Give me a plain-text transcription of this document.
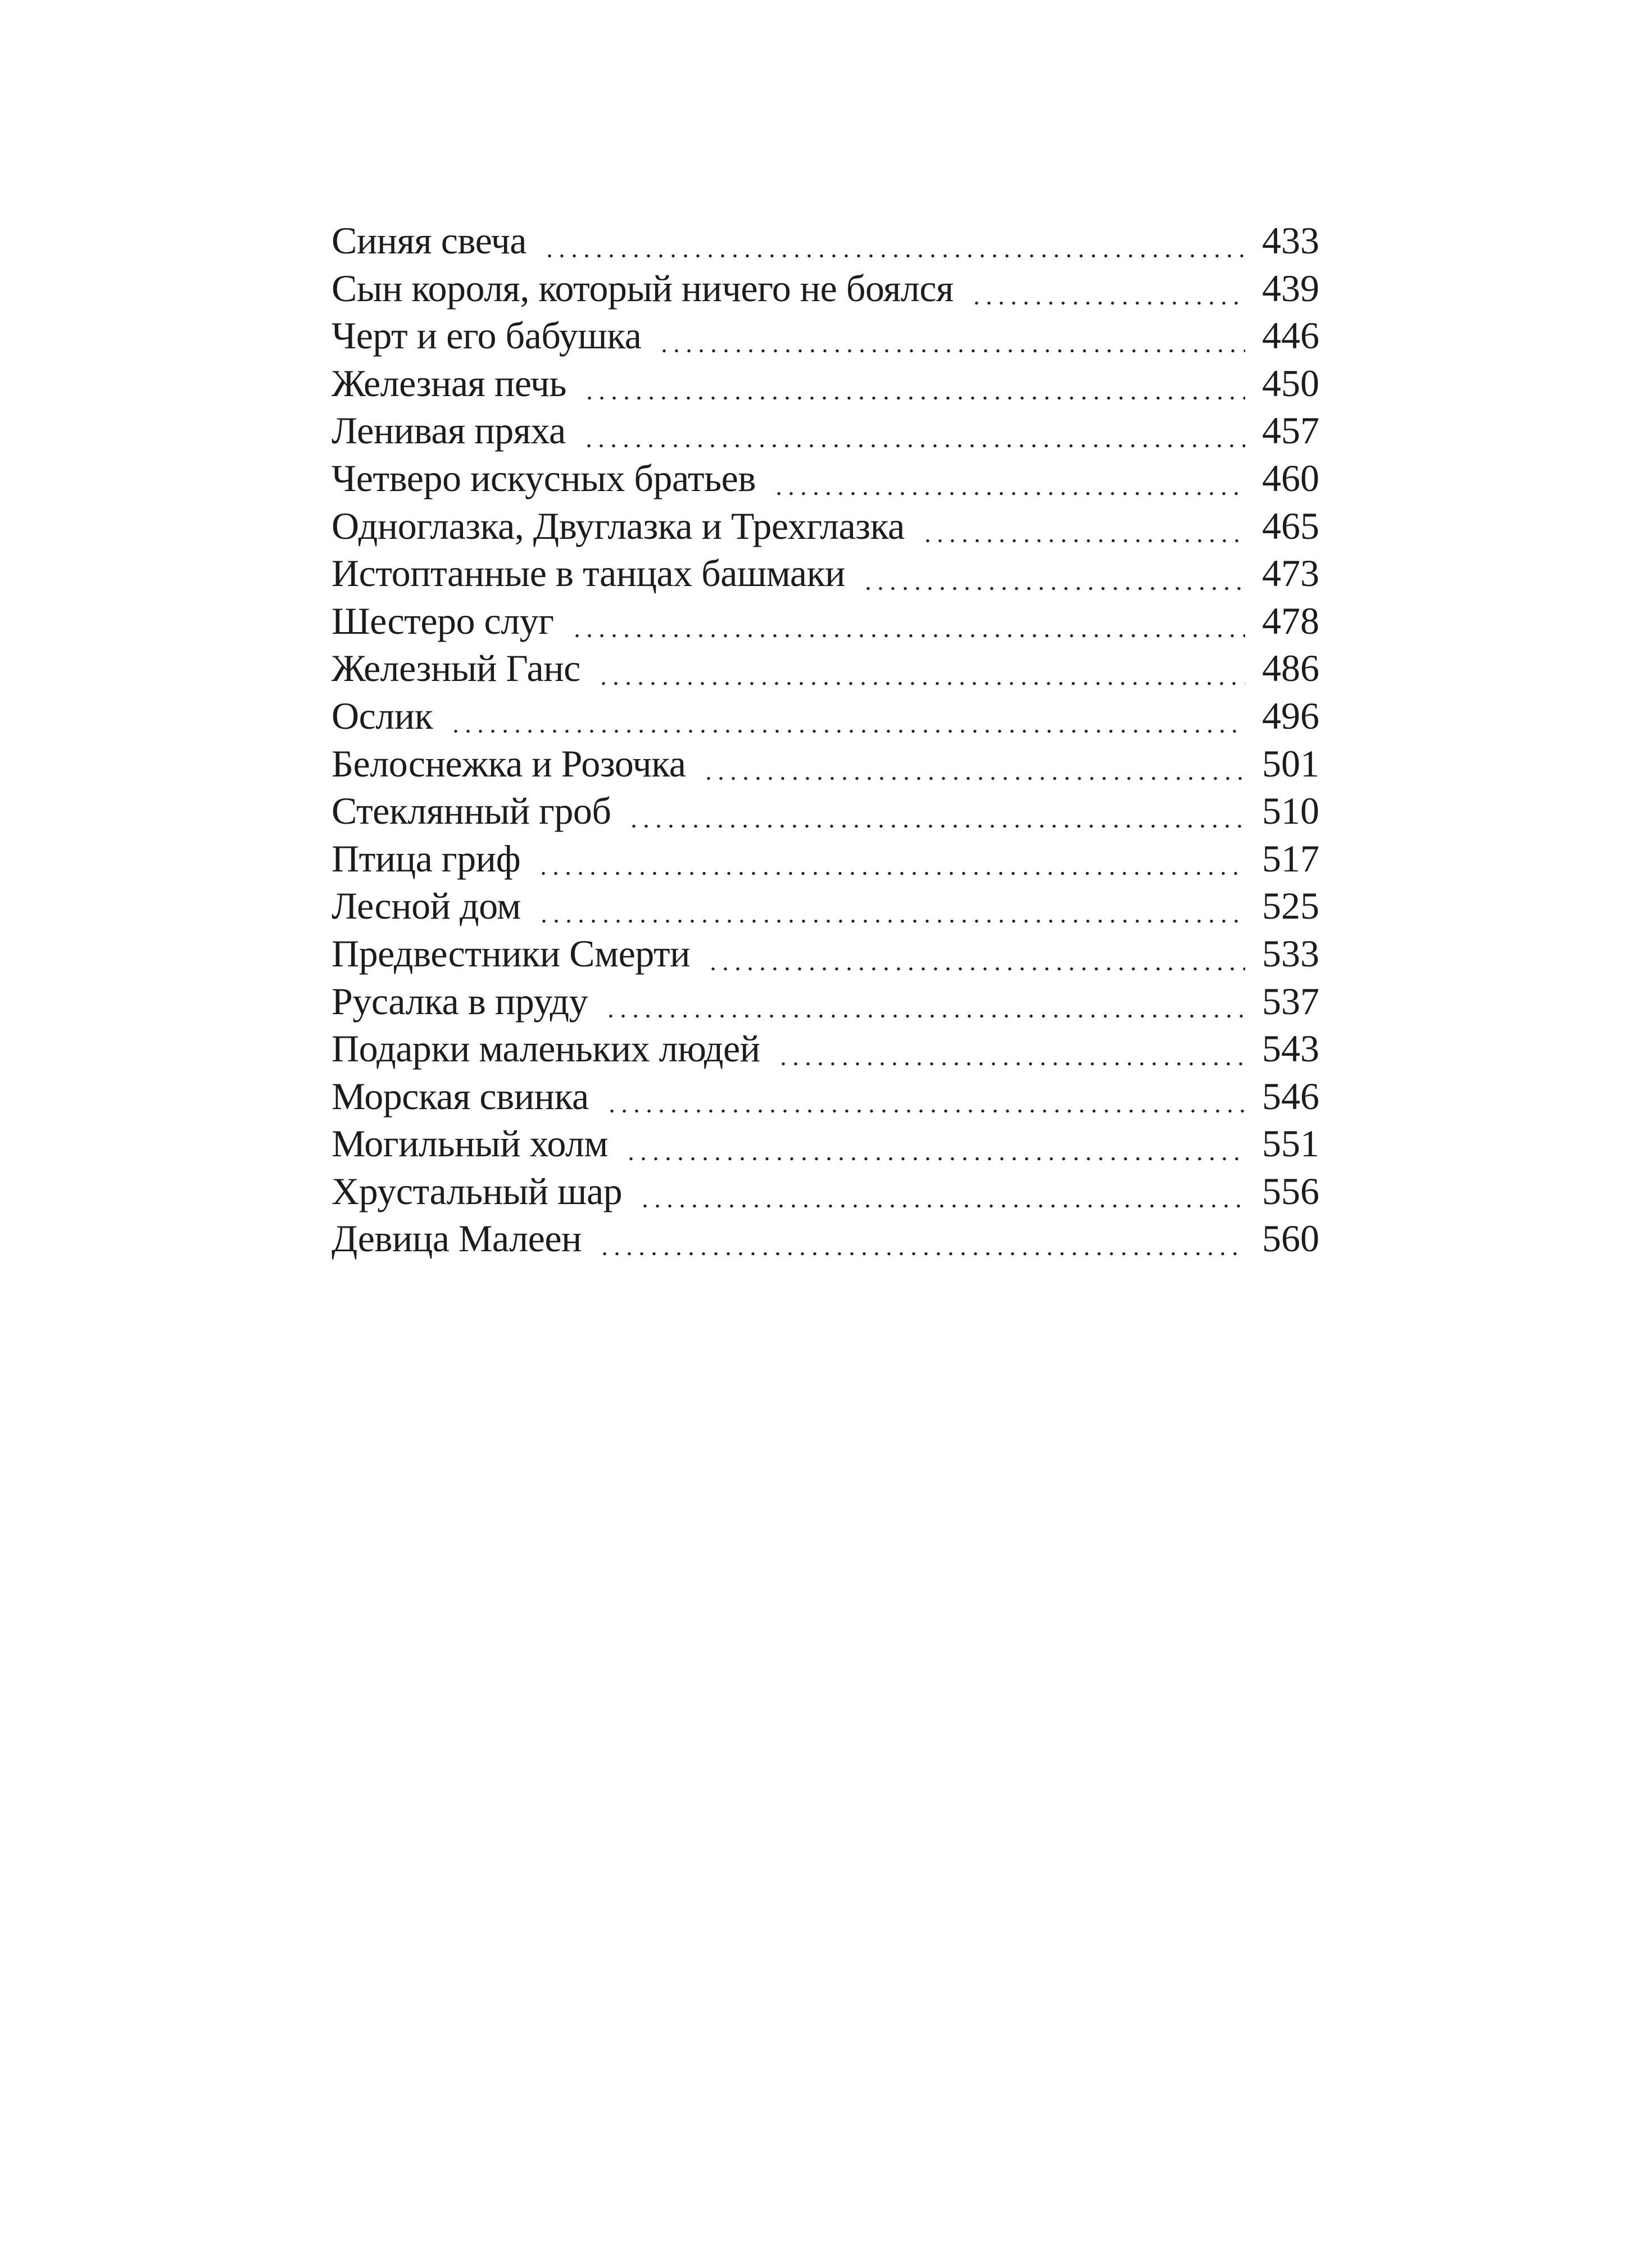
Синяя свеча	433
Сын короля, который ничего не боялся	439
Черт и его бабушка	446
Железная печь	450
Ленивая пряха	457
Четверо искусных братьев	460
Одноглазка, Двуглазка и Трехглазка	465
Истоптанные в танцах башмаки	473
Шестеро слуг	478
Железный Ганс	486
Ослик	496
Белоснежка и Розочка	501
Стеклянный гроб	510
Птица гриф	517
Лесной дом	525
Предвестники Смерти	533
Русалка в пруду	537
Подарки маленьких людей	543
Морская свинка	546
Могильный холм	551
Хрустальный шар	556
Девица Малеен	560
